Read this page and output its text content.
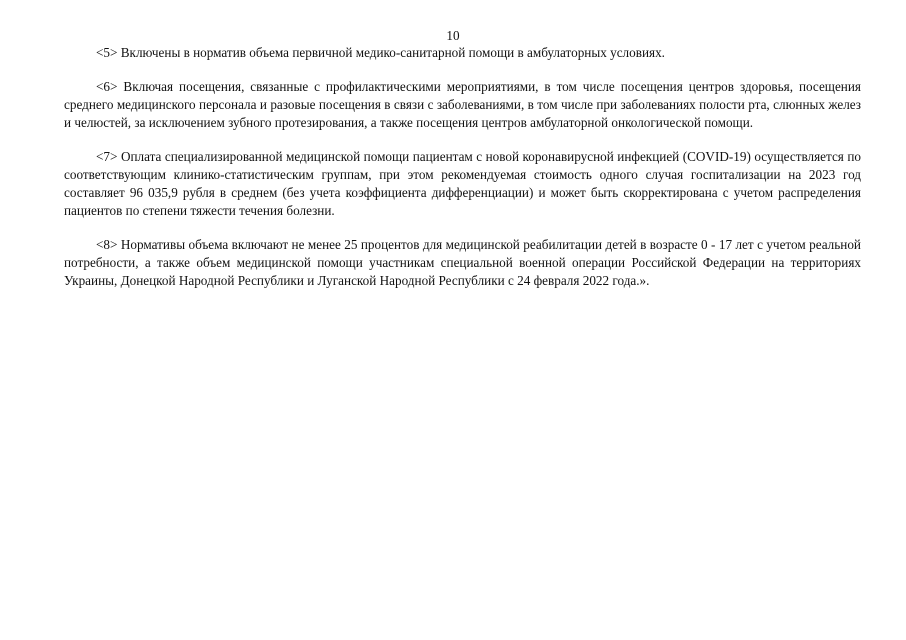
10

<5> Включены в норматив объема первичной медико-санитарной помощи в амбулаторных условиях.

<6> Включая посещения, связанные с профилактическими мероприятиями, в том числе посещения центров здоровья, посещения среднего медицинского персонала и разовые посещения в связи с заболеваниями, в том числе при заболеваниях полости рта, слюнных желез и челюстей, за исключением зубного протезирования, а также посещения центров амбулаторной онкологической помощи.

<7> Оплата специализированной медицинской помощи пациентам с новой коронавирусной инфекцией (COVID-19) осуществляется по соответствующим клинико-статистическим группам, при этом рекомендуемая стоимость одного случая госпитализации на 2023 год составляет 96 035,9 рубля в среднем (без учета коэффициента дифференциации) и может быть скорректирована с учетом распределения пациентов по степени тяжести течения болезни.

<8> Нормативы объема включают не менее 25 процентов для медицинской реабилитации детей в возрасте 0 - 17 лет с учетом реальной потребности, а также объем медицинской помощи участникам специальной военной операции Российской Федерации на территориях Украины, Донецкой Народной Республики и Луганской Народной Республики с 24 февраля 2022 года.».
